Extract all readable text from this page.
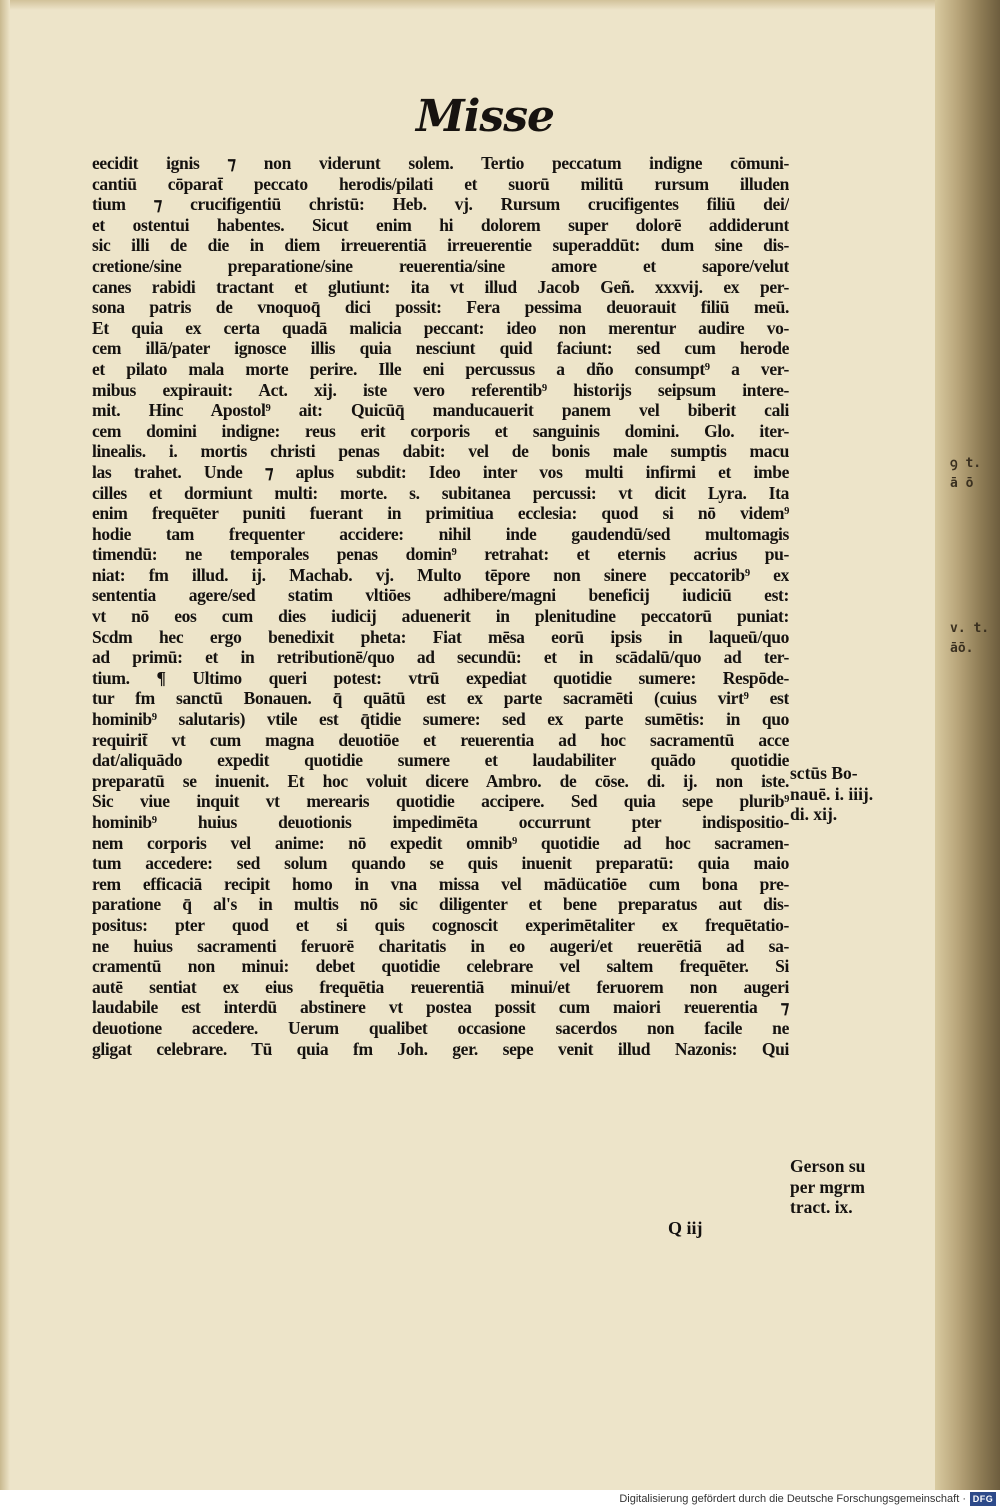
ꝯ t.
ā ō
v. t.
āō.
Misse
eecidit ignis ⁊ non viderunt solem. Tertio peccatum indigne cōmuni-
cantiū cōparat̄ peccato herodis/pilati et suorū militū rursum illuden
tium ⁊ crucifigentiū christū: Heb. vj. Rursum crucifigentes filiū dei/
et ostentui habentes. Sicut enim hi dolorem super dolorē addiderunt
sic illi de die in diem irreuerentiā irreuerentie superaddūt: dum sine dis-
cretione/sine preparatione/sine reuerentia/sine amore et sapore/velut
canes rabidi tractant et glutiunt: ita vt illud Jacob Geñ. xxxvij. ex per-
sona patris de vnoquoq̄ dici possit: Fera pessima deuorauit filiū meū.
Et quia ex certa quadā malicia peccant: ideo non merentur audire vo-
cem illā/pater ignosce illis quia nesciunt quid faciunt: sed cum herode
et pilato mala morte perire. Ille eni percussus a dño consumpt⁹ a ver-
mibus expirauit: Act. xij. iste vero referentib⁹ historijs seipsum intere-
mit. Hinc Apostol⁹ ait: Quicūq̄ manducauerit panem vel biberit cali
cem domini indigne: reus erit corporis et sanguinis domini. Glo. iter-
linealis. i. mortis christi penas dabit: vel de bonis male sumptis macu
las trahet. Unde ⁊ aplus subdit: Ideo inter vos multi infirmi et imbe
cilles et dormiunt multi: morte. s. subitanea percussi: vt dicit Lyra. Ita
enim frequēter puniti fuerant in primitiua ecclesia: quod si nō videm⁹
hodie tam frequenter accidere: nihil inde gaudendū/sed multomagis
timendū: ne temporales penas domin⁹ retrahat: et eternis acrius pu-
niat: fm illud. ij. Machab. vj. Multo tēpore non sinere peccatorib⁹ ex
sententia agere/sed statim vltiōes adhibere/magni beneficij iudiciū est:
vt nō eos cum dies iudicij aduenerit in plenitudine peccatorū puniat:
Scdm hec ergo benedixit pheta: Fiat mēsa eorū ipsis in laqueū/quo
ad primū: et in retributionē/quo ad secundū: et in scādalū/quo ad ter-
tium. ¶ Ultimo queri potest: vtrū expediat quotidie sumere: Respōde-
tur fm sanctū Bonauen. q̄ quātū est ex parte sacramēti (cuius virt⁹ est
hominib⁹ salutaris) vtile est q̄tidie sumere: sed ex parte sumētis: in quo
requirit̄ vt cum magna deuotiōe et reuerentia ad hoc sacramentū acce
dat/aliquādo expedit quotidie sumere et laudabiliter quādo quotidie
preparatū se inuenit. Et hoc voluit dicere Ambro. de cōse. di. ij. non iste.
Sic viue inquit vt merearis quotidie accipere. Sed quia sepe plurib⁹
hominib⁹ huius deuotionis impedimēta occurrunt pter indispositio-
nem corporis vel anime: nō expedit omnib⁹ quotidie ad hoc sacramen-
tum accedere: sed solum quando se quis inuenit preparatū: quia maio
rem efficaciā recipit homo in vna missa vel mādücatiōe cum bona pre-
paratione q̄ al's in multis nō sic diligenter et bene preparatus aut dis-
positus: pter quod et si quis cognoscit experimētaliter ex frequētatio-
ne huius sacramenti feruorē charitatis in eo augeri/et reuerētiā ad sa-
cramentū non minui: debet quotidie celebrare vel saltem frequēter. Si
autē sentiat ex eius frequētia reuerentiā minui/et feruorem non augeri
laudabile est interdū abstinere vt postea possit cum maiori reuerentia ⁊
deuotione accedere. Uerum qualibet occasione sacerdos non facile ne
gligat celebrare. Tū quia fm Joh. ger. sepe venit illud Nazonis: Qui
sctūs Bo-
nauē. i. iiij.
di. xij.
Gerson su
per mgrm
tract. ix.
Q iij
Digitalisierung gefördert durch die Deutsche Forschungsgemeinschaft · DFG
